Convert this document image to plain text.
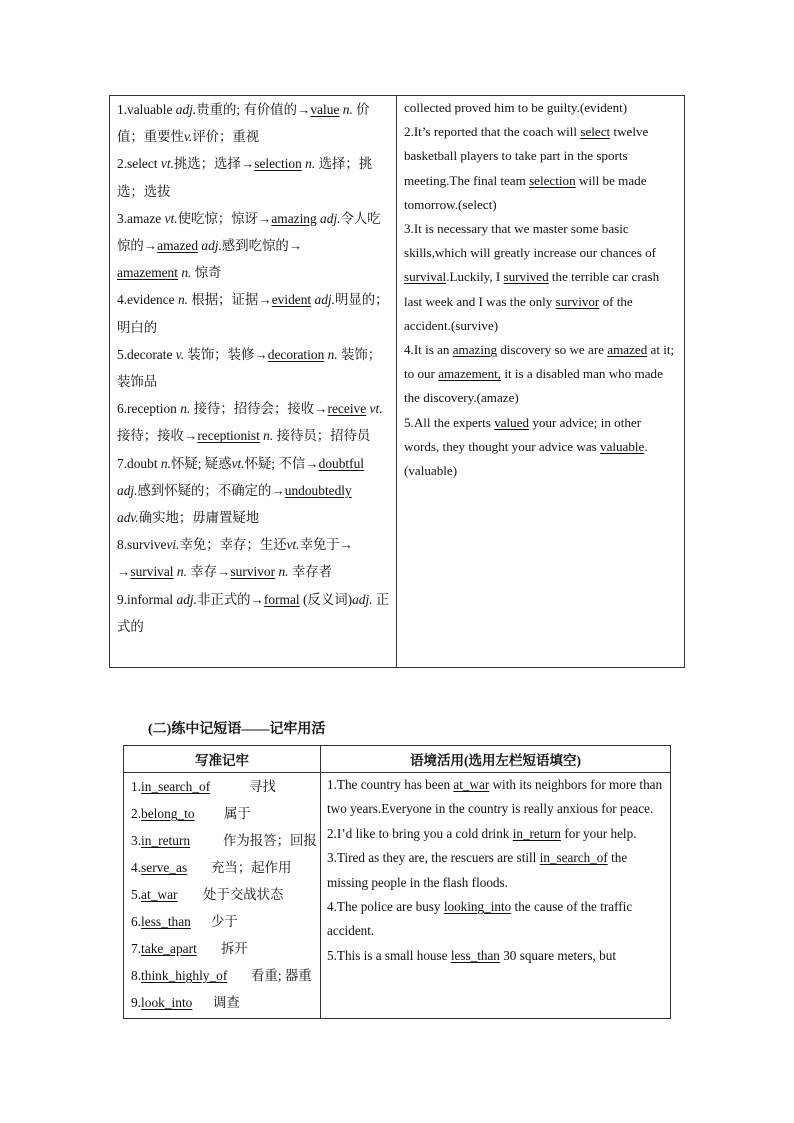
1.valuable adj.贵重的; 有价值的→value n. 价值；重要性v.评价；重视

2.select vt.挑选；选择→selection n. 选择；挑选；选拔

3.amaze vt.使吃惊；惊讶→amazing adj.令人吃惊的→amazed adj.感到吃惊的→
amazement n. 惊奇

4.evidence n. 根据；证据→evident adj.明显的；明白的

5.decorate v. 装饰；装修→decoration n. 装饰；装饰品

6.reception n. 接待；招待会；接收→receive vt.接待；接收→receptionist n. 接待员；招待员

7.doubt n.怀疑; 疑惑vt.怀疑; 不信→doubtful
adj.感到怀疑的；不确定的→undoubtedly
adv.确实地；毋庸置疑地

8.survivevi.幸免；幸存；生还vt.幸免于→
→survival n. 幸存→survivor n. 幸存者

9.informal adj.非正式的→formal (反义词)adj. 正式的

collected proved him to be guilty.(evident)

2.It’s reported that the coach will select twelve basketball players to take part in the sports meeting.The final team selection will be made tomorrow.(select)

3.It is necessary that we master some basic skills,which will greatly increase our chances of survival.Luckily, I survived the terrible car crash last week and I was the only survivor of the accident.(survive)

4.It is an amazing discovery so we are amazed at it; to our amazement, it is a disabled man who made the discovery.(amaze)

5.All the experts valued your advice; in other words, they thought your advice was valuable.(valuable)

(二)练中记短语——记牢用活
写准记牢	语境活用(选用左栏短语填空)
1. in_search_of	寻找
2. belong_to	属于
3. in_return	作为报答；回报
4. serve_as	充当；起作用
5. at_war	处于交战状态
6. less_than	少于
7. take_apart	拆开
8. think_highly_of	看重; 器重
9. look_into	调查

1.The country has been at_war with its neighbors for more than two years.Everyone in the country is really anxious for peace.

2.I’d like to bring you a cold drink in_return for your help.

3.Tired as they are, the rescuers are still in_search_of the missing people in the flash floods.

4.The police are busy looking_into the cause of the traffic accident.

5.This is a small house less_than 30 square meters, but
